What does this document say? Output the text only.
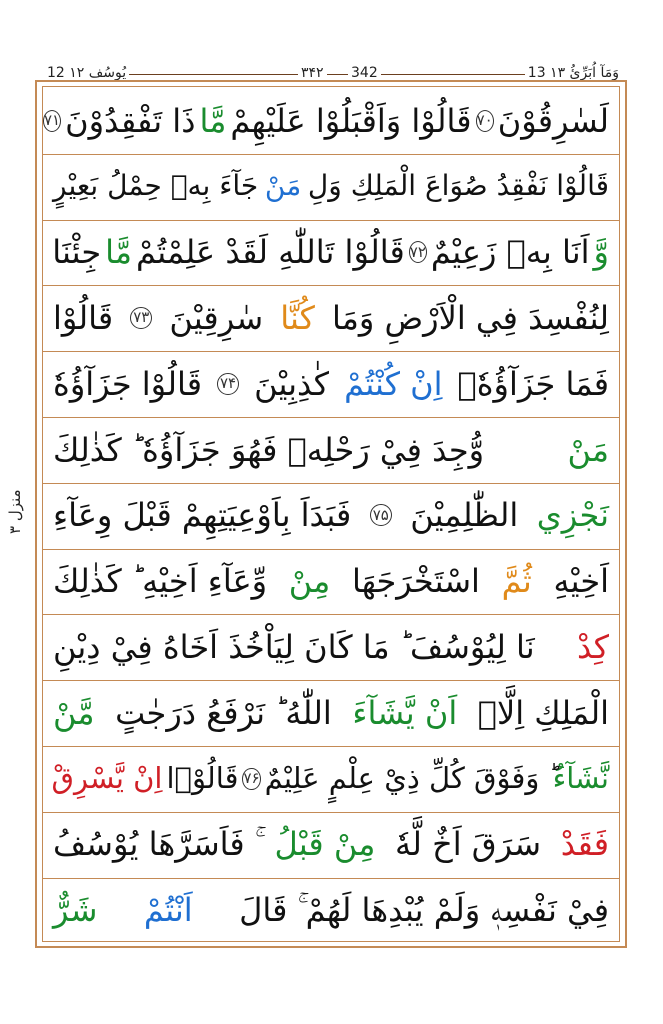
13 وَمَآ اُبَرِّئُ ۱۳
۳۴۲ 342
12 یُوسُف ۱۲
منزل ۳
لَسٰرِقُوْنَ
۷۰
قَالُوْا وَاَقْبَلُوْا عَلَيْهِمْ
مَّا
ذَا تَفْقِدُوْنَ
۷۱
قَالُوْا نَفْقِدُ صُوَاعَ الْمَلِكِ وَلِ
مَنْ
جَآءَ بِهٖ حِمْلُ بَعِيْرٍ
وَّ
اَنَا بِهٖ زَعِيْمٌ
۷۲
قَالُوْا تَاللّٰهِ لَقَدْ عَلِمْتُمْ
مَّا
جِئْنَا
لِنُفْسِدَ فِي الْاَرْضِ وَمَا
كُنَّا
سٰرِقِيْنَ
۷۳
قَالُوْا
فَمَا جَزَآؤُهٗۤ
اِنْ كُنْتُمْ
كٰذِبِيْنَ
۷۴
قَالُوْا جَزَآؤُهٗ
مَنْ
وُّجِدَ فِيْ رَحْلِهٖ فَهُوَ جَزَآؤُهٗ ؕ كَذٰلِكَ
نَجْزِي
الظّٰلِمِيْنَ
۷۵
فَبَدَاَ بِاَوْعِيَتِهِمْ قَبْلَ وِعَآءِ
اَخِيْهِ
ثُمَّ
اسْتَخْرَجَهَا
مِنْ
وِّعَآءِ اَخِيْهِ ؕ كَذٰلِكَ
كِدْ
نَا لِيُوْسُفَ ؕ مَا كَانَ لِيَاْخُذَ اَخَاهُ فِيْ دِيْنِ
الْمَلِكِ اِلَّاۤ
اَنْ يَّشَآءَ
اللّٰهُ ؕ نَرْفَعُ دَرَجٰتٍ
مَّنْ
نَّشَآءُ
ؕ وَفَوْقَ كُلِّ ذِيْ عِلْمٍ عَلِيْمٌ
۷۶
قَالُوْۤا
اِنْ يَّسْرِقْ
فَقَدْ
سَرَقَ اَخٌ لَّهٗ
مِنْ قَبْلُ
ۚ فَاَسَرَّهَا يُوْسُفُ
فِيْ نَفْسِهٖ وَلَمْ يُبْدِهَا لَهُمْ ۚ قَالَ
اَنْتُمْ
شَرٌّ
